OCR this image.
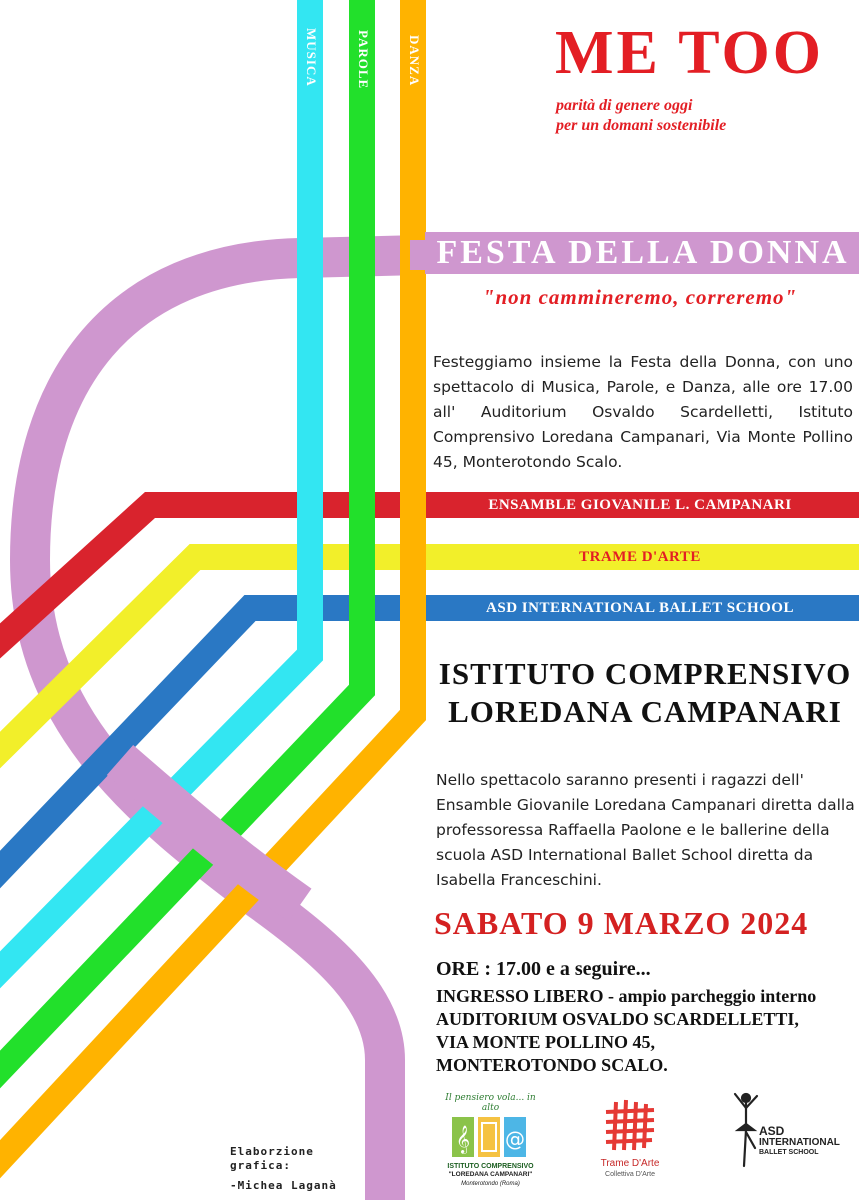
MUSICA	PAROLE	DANZA ME TOO
parità di genere oggi
per un domani sostenibile
FESTA DELLA DONNA
"non cammineremo, correremo"
Festeggiamo insieme la Festa della Donna, con uno spettacolo di Musica, Parole, e Danza, alle ore 17.00 all' Auditorium Osvaldo Scardelletti, Istituto Comprensivo Loredana Campanari, Via Monte Pollino 45, Monterotondo Scalo.
ENSAMBLE GIOVANILE L. CAMPANARI
TRAME D'ARTE
ASD INTERNATIONAL BALLET SCHOOL
ISTITUTO COMPRENSIVO
LOREDANA CAMPANARI
Nello spettacolo saranno presenti i ragazzi dell' Ensamble Giovanile Loredana Campanari diretta dalla professoressa Raffaella Paolone e le ballerine della scuola ASD International Ballet School diretta da Isabella Franceschini.
SABATO 9 MARZO 2024
ORE : 17.00 e a seguire...
INGRESSO LIBERO - ampio parcheggio interno
AUDITORIUM OSVALDO SCARDELLETTI,
VIA MONTE POLLINO 45,
MONTEROTONDO SCALO.
Elaborzione
grafica:
-Michea Laganà
Il pensiero vola... in alto
𝄞 @
ISTITUTO COMPRENSIVO
"LOREDANA CAMPANARI"
Monterotondo (Roma)
Trame D'Arte
Collettiva D'Arte
ASD
INTERNATIONAL
BALLET SCHOOL
